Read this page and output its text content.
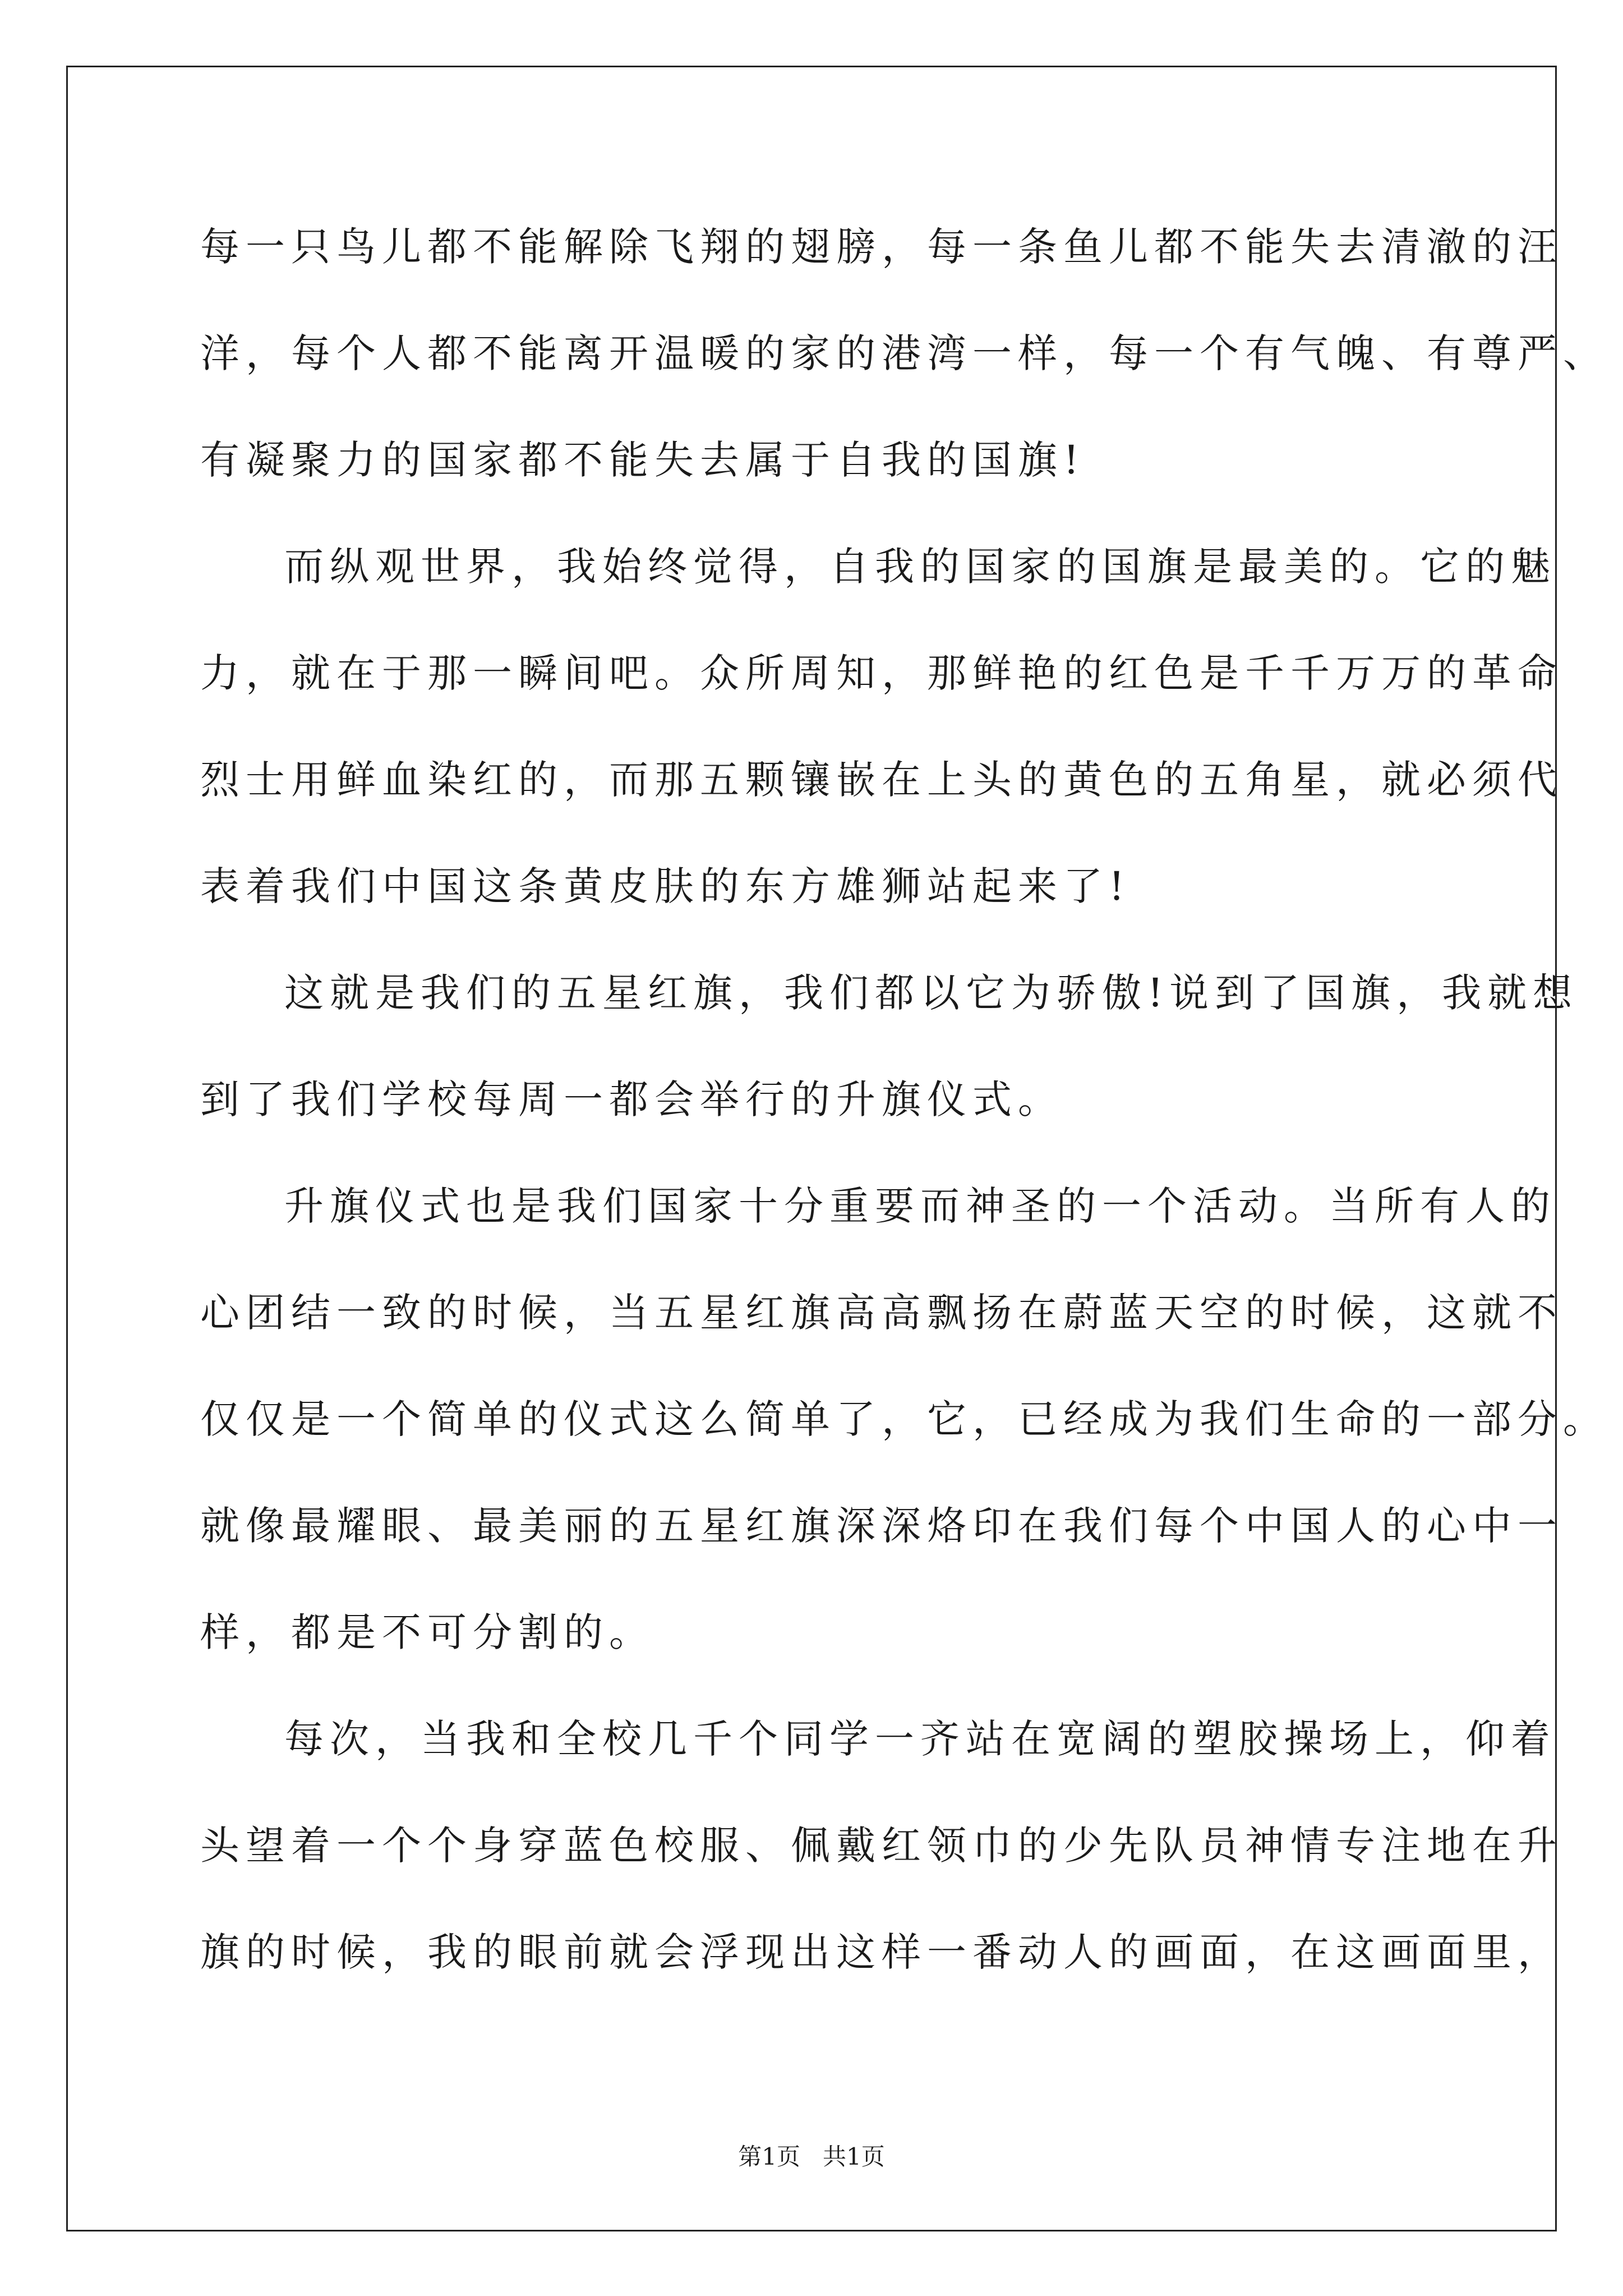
每一只鸟儿都不能解除飞翔的翅膀，每一条鱼儿都不能失去清澈的汪
洋，每个人都不能离开温暖的家的港湾一样，每一个有气魄、有尊严、
有凝聚力的国家都不能失去属于自我的国旗!
而纵观世界，我始终觉得，自我的国家的国旗是最美的。它的魅
力，就在于那一瞬间吧。众所周知，那鲜艳的红色是千千万万的革命
烈士用鲜血染红的，而那五颗镶嵌在上头的黄色的五角星，就必须代
表着我们中国这条黄皮肤的东方雄狮站起来了!
这就是我们的五星红旗，我们都以它为骄傲!说到了国旗，我就想
到了我们学校每周一都会举行的升旗仪式。
升旗仪式也是我们国家十分重要而神圣的一个活动。当所有人的
心团结一致的时候，当五星红旗高高飘扬在蔚蓝天空的时候，这就不
仅仅是一个简单的仪式这么简单了，它，已经成为我们生命的一部分。
就像最耀眼、最美丽的五星红旗深深烙印在我们每个中国人的心中一
样，都是不可分割的。
每次，当我和全校几千个同学一齐站在宽阔的塑胶操场上，仰着
头望着一个个身穿蓝色校服、佩戴红领巾的少先队员神情专注地在升
旗的时候，我的眼前就会浮现出这样一番动人的画面，在这画面里，
第1页 共1页
